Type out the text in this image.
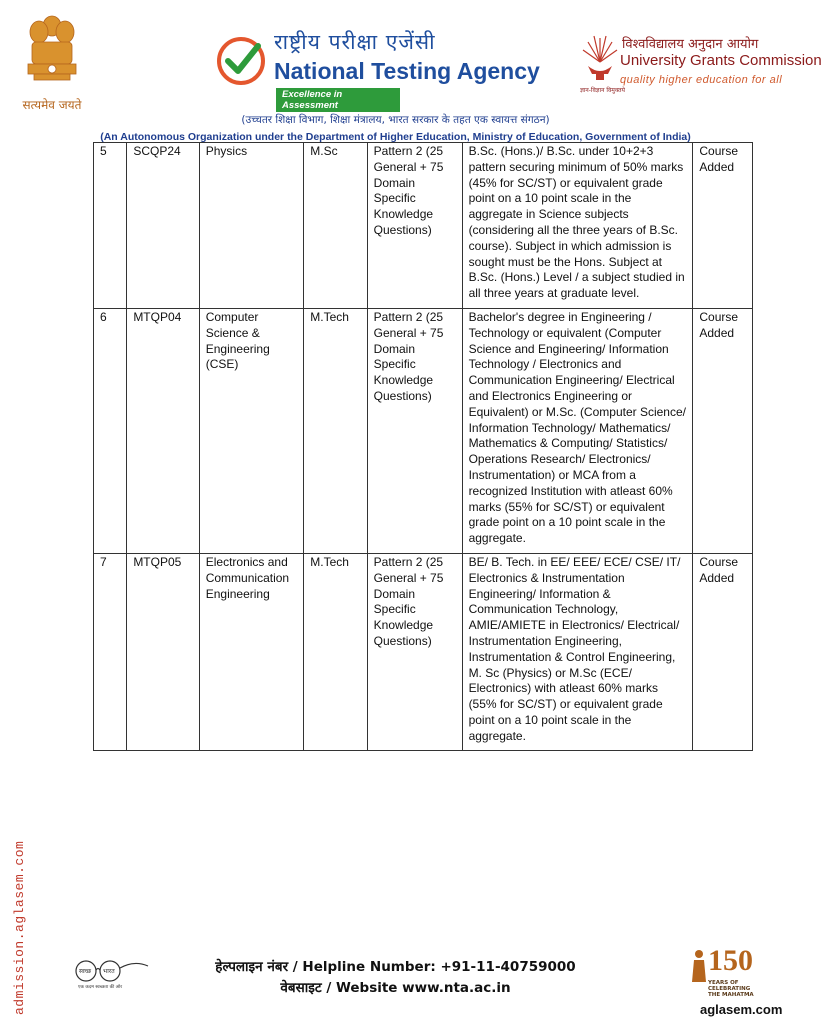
सत्यमेव जयते
राष्ट्रीय परीक्षा एजेंसी
National Testing Agency
Excellence in Assessment
विश्वविद्यालय अनुदान आयोग
University Grants Commission
quality higher education for all
ज्ञान-विज्ञान विमुक्तये
(उच्चतर शिक्षा विभाग, शिक्षा मंत्रालय, भारत सरकार के तहत एक स्वायत्त संगठन)
(An Autonomous Organization under the Department of Higher Education, Ministry of Education, Government of India)
5	SCQP24	Physics	M.Sc	Pattern 2 (25 General + 75 Domain Specific Knowledge Questions)	B.Sc. (Hons.)/ B.Sc. under 10+2+3 pattern securing minimum of 50% marks (45% for SC/ST) or equivalent grade point on a 10 point scale in the aggregate in Science subjects (considering all the three years of B.Sc. course). Subject in which admission is sought must be the Hons. Subject at B.Sc. (Hons.) Level / a subject studied in all three years at graduate level.	Course Added
6	MTQP04	Computer Science & Engineering (CSE)	M.Tech	Pattern 2 (25 General + 75 Domain Specific Knowledge Questions)	Bachelor's degree in Engineering / Technology or equivalent (Computer Science and Engineering/ Information Technology / Electronics and Communication Engineering/ Electrical and Electronics Engineering or Equivalent) or M.Sc. (Computer Science/ Information Technology/ Mathematics/ Mathematics & Computing/ Statistics/ Operations Research/ Electronics/ Instrumentation) or MCA from a recognized Institution with atleast 60% marks (55% for SC/ST) or equivalent grade point on a 10 point scale in the aggregate.	Course Added
7	MTQP05	Electronics and Communication Engineering	M.Tech	Pattern 2 (25 General + 75 Domain Specific Knowledge Questions)	BE/ B. Tech. in EE/ EEE/ ECE/ CSE/ IT/ Electronics & Instrumentation Engineering/ Information & Communication Technology, AMIE/AMIETE in Electronics/ Electrical/ Instrumentation Engineering, Instrumentation & Control Engineering, M. Sc (Physics) or M.Sc (ECE/ Electronics) with atleast 60% marks (55% for SC/ST) or equivalent grade point on a 10 point scale in the aggregate.	Course Added
admission.aglasem.com	स्वच्छ भारत
एक कदम स्वच्छता की ओर
हेल्पलाइन नंबर / Helpline Number: +91-11-40759000
वेबसाइट / Website www.nta.ac.in
150
YEARS OF CELEBRATING THE MAHATMA
aglasem.com
